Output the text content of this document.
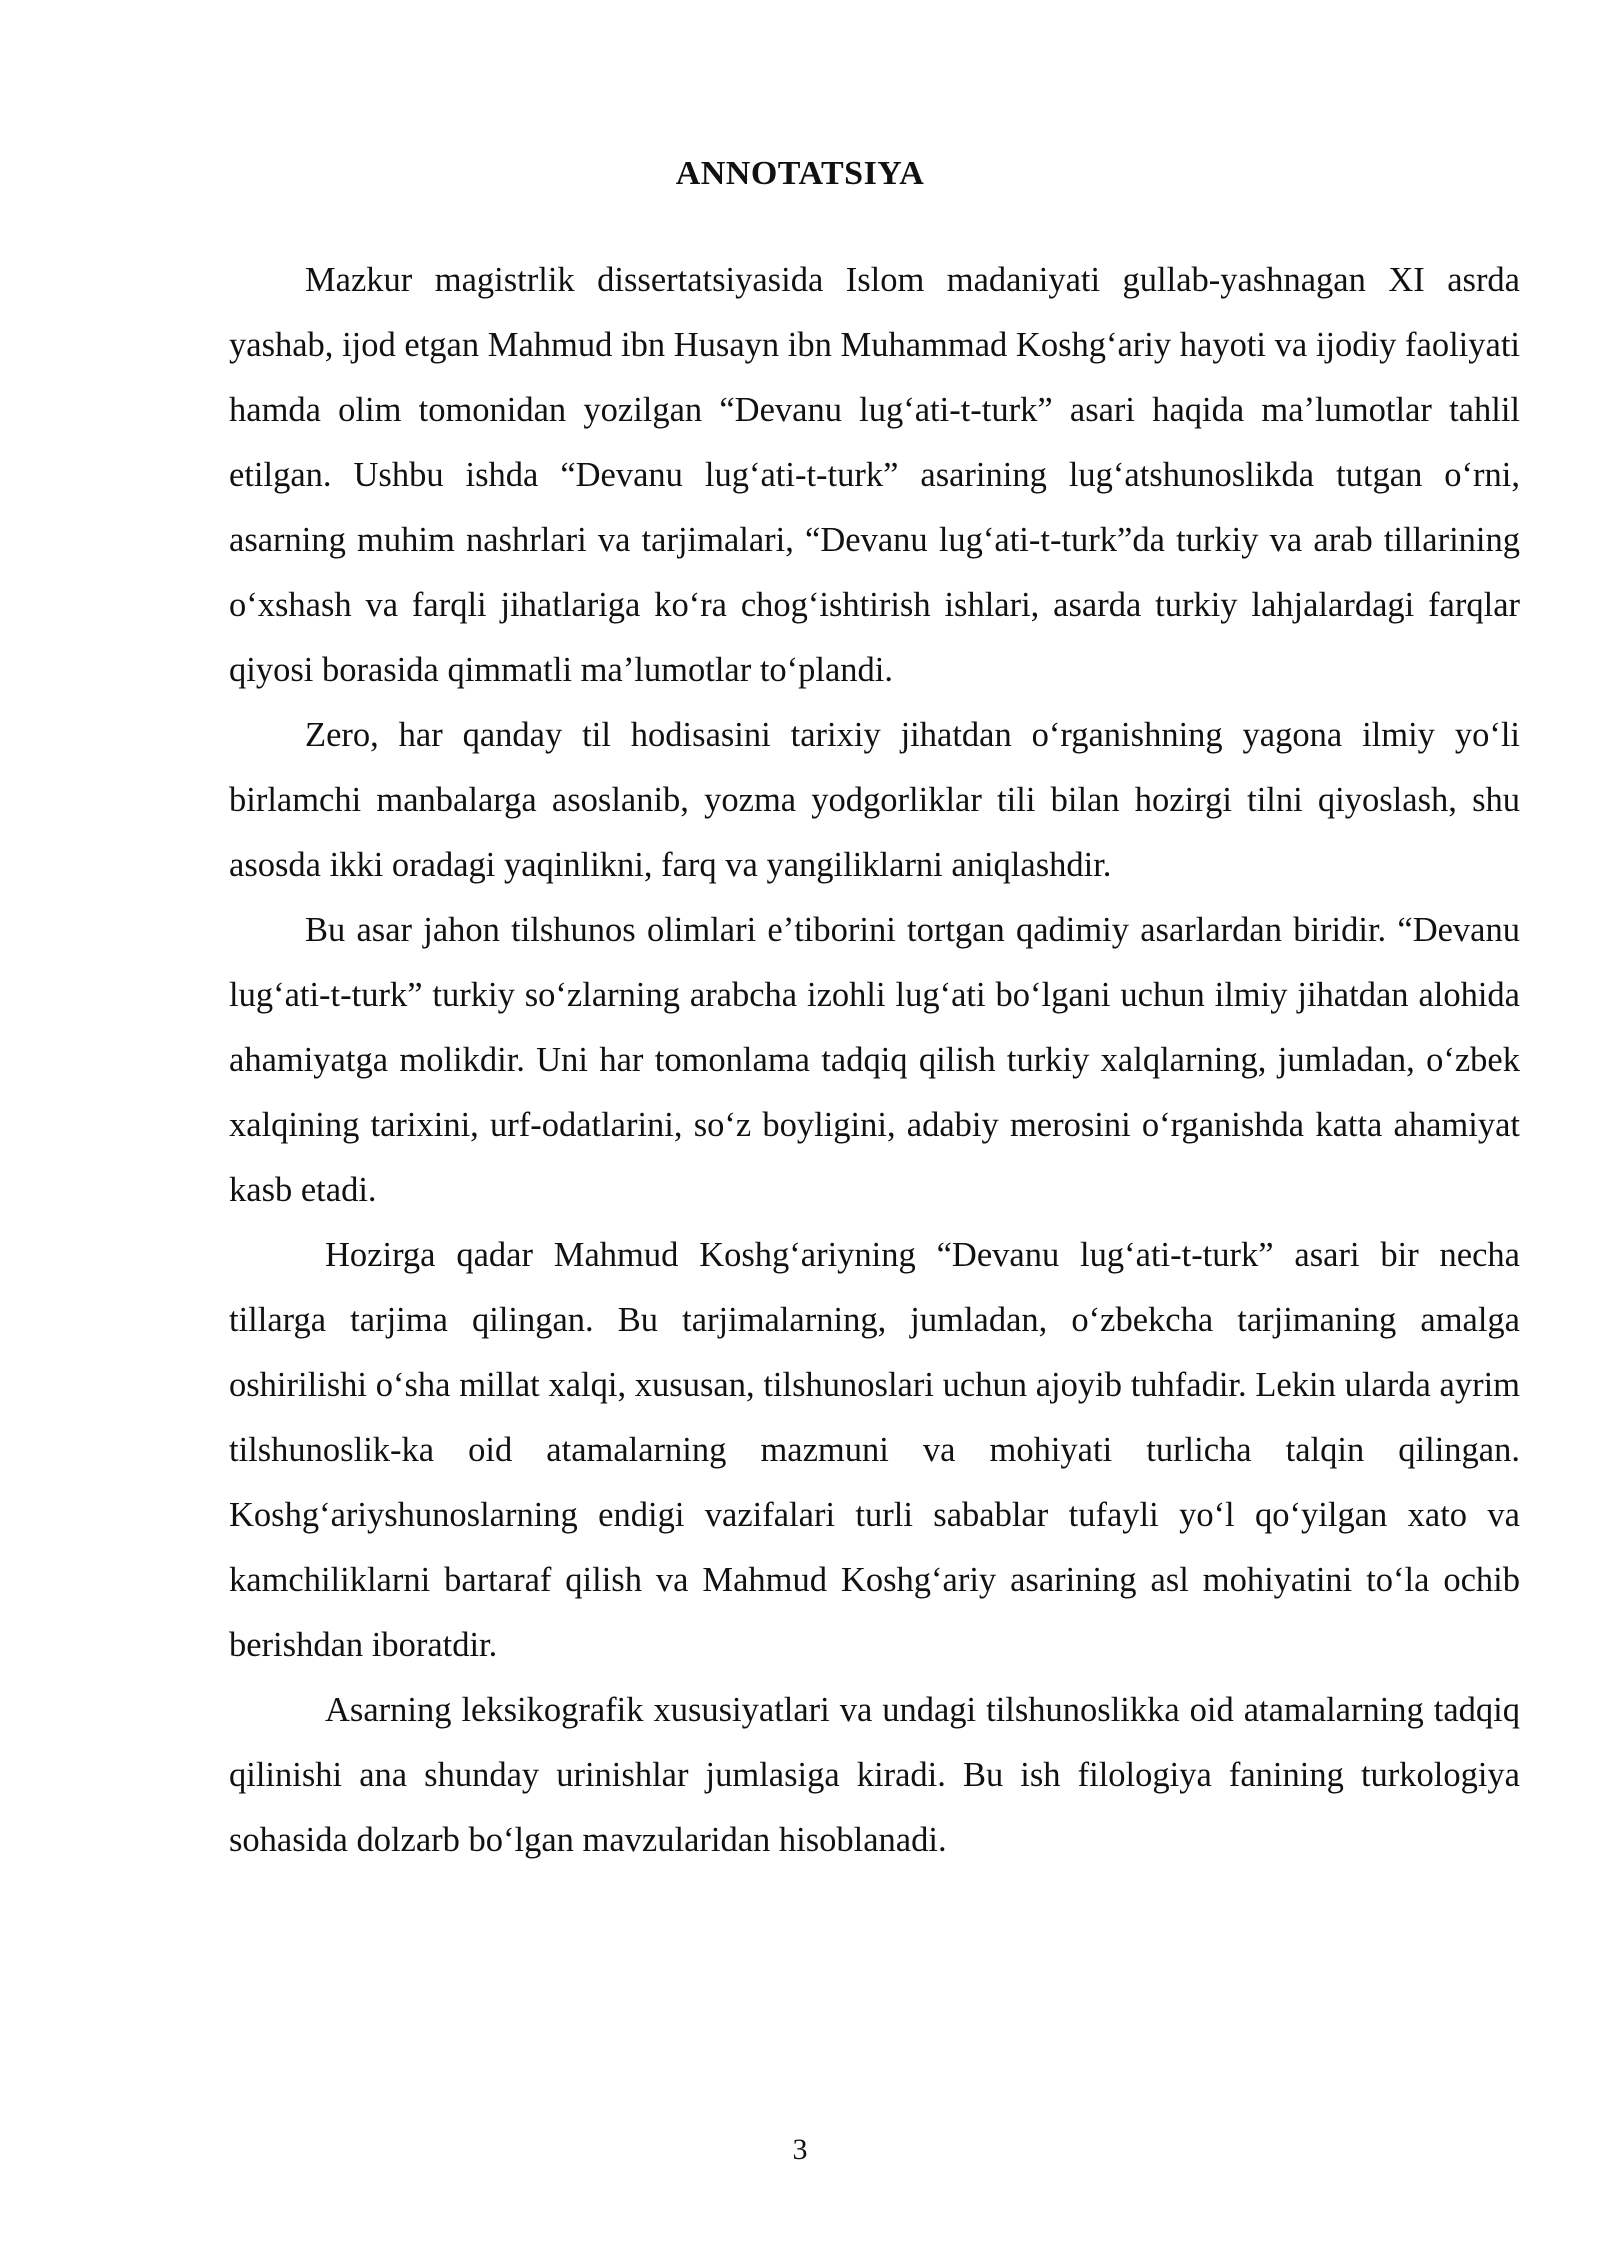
ANNOTATSIYA

Mazkur magistrlik dissertatsiyasida Islom madaniyati gullab-yashnagan XI asrda yashab, ijod etgan Mahmud ibn Husayn ibn Muhammad Koshgʻariy hayoti va ijodiy faoliyati hamda olim tomonidan yozilgan “Devanu lugʻati-t-turk” asari haqida maʼlumotlar tahlil etilgan. Ushbu ishda “Devanu lugʻati-t-turk” asarining lugʻatshunoslikda tutgan oʻrni, asarning muhim nashrlari va tarjimalari, “Devanu lugʻati-t-turk”da turkiy va arab tillarining oʻxshash va farqli jihatlariga koʻra chogʻishtirish ishlari, asarda turkiy lahjalardagi farqlar qiyosi borasida qimmatli maʼlumotlar toʻplandi.

Zero, har qanday til hodisasini tarixiy jihatdan oʻrganishning yagona ilmiy yoʻli birlamchi manbalarga asoslanib, yozma yodgorliklar tili bilan hozirgi tilni qiyoslash, shu asosda ikki oradagi yaqinlikni, farq va yangiliklarni aniqlashdir.

Bu asar jahon tilshunos olimlari eʼtiborini tortgan qadimiy asarlardan biridir. “Devanu lugʻati-t-turk” turkiy soʻzlarning arabcha izohli lugʻati boʻlgani uchun ilmiy jihatdan alohida ahamiyatga molikdir. Uni har tomonlama tadqiq qilish turkiy xalqlarning, jumladan, oʻzbek xalqining tarixini, urf-odatlarini, soʻz boyligini, adabiy merosini oʻrganishda katta ahamiyat kasb etadi.

Hozirga qadar Mahmud Koshgʻariyning “Devanu lugʻati-t-turk” asari bir necha tillarga tarjima qilingan. Bu tarjimalarning, jumladan, oʻzbekcha tarjimaning amalga oshirilishi oʻsha millat xalqi, xususan, tilshunoslari uchun ajoyib tuhfadir. Lekin ularda ayrim tilshunoslik-ka oid atamalarning mazmuni va mohiyati turlicha talqin qilingan. Koshgʻariyshunoslarning endigi vazifalari turli sabablar tufayli yoʻl qoʻyilgan xato va kamchiliklarni bartaraf qilish va Mahmud Koshgʻariy asarining asl mohiyatini toʻla ochib berishdan iboratdir.

Asarning leksikografik xususiyatlari va undagi tilshunoslikka oid atamalarning tadqiq qilinishi ana shunday urinishlar jumlasiga kiradi. Bu ish filologiya fanining turkologiya sohasida dolzarb boʻlgan mavzularidan hisoblanadi.

3
